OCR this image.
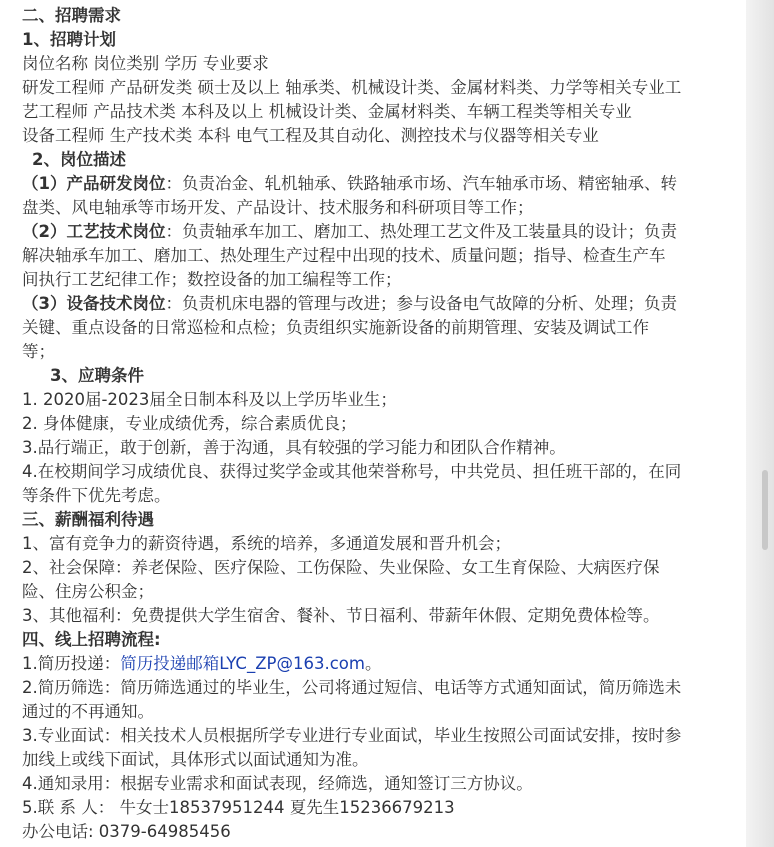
二、招聘需求
1、招聘计划
岗位名称 岗位类别 学历 专业要求
研发工程师 产品研发类 硕士及以上 轴承类、机械设计类、金属材料类、力学等相关专业工
艺工程师 产品技术类 本科及以上 机械设计类、金属材料类、车辆工程类等相关专业
设备工程师 生产技术类 本科 电气工程及其自动化、测控技术与仪器等相关专业
2、岗位描述
（1）产品研发岗位：负责冶金、轧机轴承、铁路轴承市场、汽车轴承市场、精密轴承、转
盘类、风电轴承等市场开发、产品设计、技术服务和科研项目等工作；
（2）工艺技术岗位：负责轴承车加工、磨加工、热处理工艺文件及工装量具的设计；负责
解决轴承车加工、磨加工、热处理生产过程中出现的技术、质量问题；指导、检查生产车
间执行工艺纪律工作；数控设备的加工编程等工作；
（3）设备技术岗位：负责机床电器的管理与改进；参与设备电气故障的分析、处理；负责
关键、重点设备的日常巡检和点检；负责组织实施新设备的前期管理、安装及调试工作
等；
3、应聘条件
1. 2020届-2023届全日制本科及以上学历毕业生；
2. 身体健康，专业成绩优秀，综合素质优良；
3.品行端正，敢于创新，善于沟通，具有较强的学习能力和团队合作精神。
4.在校期间学习成绩优良、获得过奖学金或其他荣誉称号，中共党员、担任班干部的，在同
等条件下优先考虑。
三、薪酬福利待遇
1、富有竞争力的薪资待遇，系统的培养，多通道发展和晋升机会；
2、社会保障：养老保险、医疗保险、工伤保险、失业保险、女工生育保险、大病医疗保
险、住房公积金；
3、其他福利：免费提供大学生宿舍、餐补、节日福利、带薪年休假、定期免费体检等。
四、线上招聘流程:
1.简历投递：简历投递邮箱LYC_ZP@163.com。
2.简历筛选：简历筛选通过的毕业生，公司将通过短信、电话等方式通知面试，简历筛选未
通过的不再通知。
3.专业面试：相关技术人员根据所学专业进行专业面试，毕业生按照公司面试安排，按时参
加线上或线下面试，具体形式以面试通知为准。
4.通知录用：根据专业需求和面试表现，经筛选，通知签订三方协议。
5.联 系 人： 牛女士18537951244 夏先生15236679213
办公电话: 0379-64985456
